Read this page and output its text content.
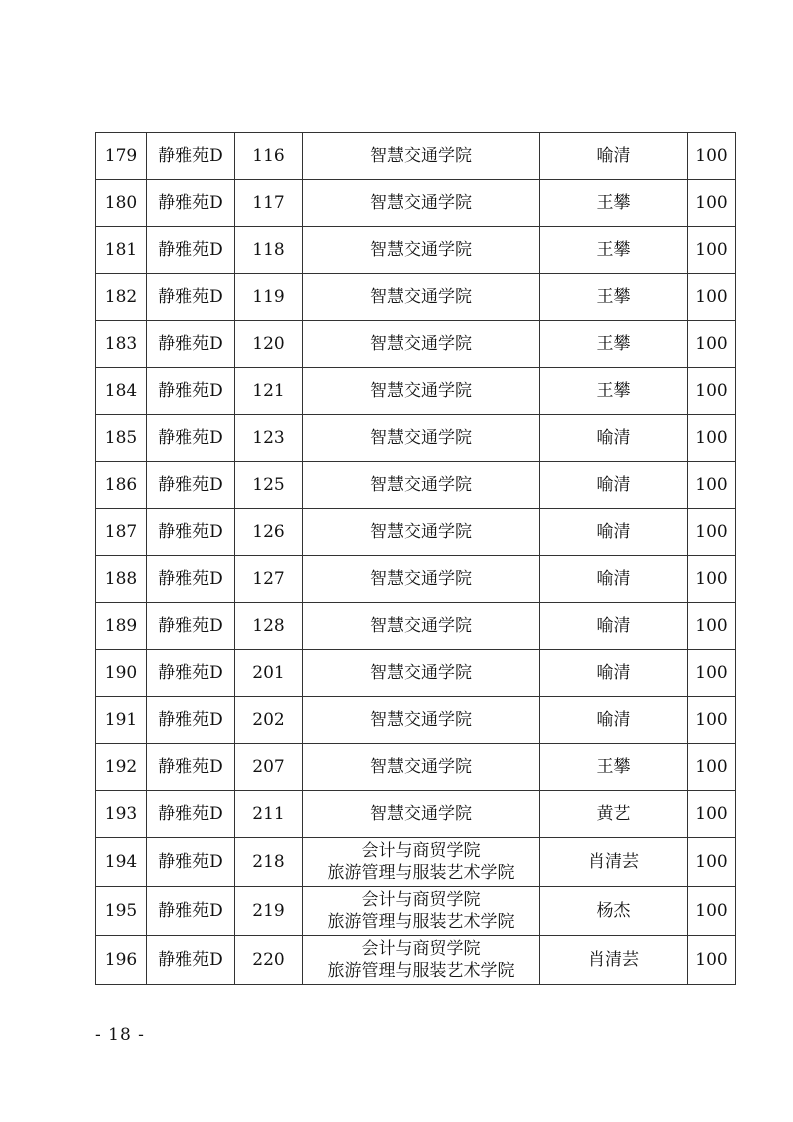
179	静雅苑D	116	智慧交通学院	喻清	100
180	静雅苑D	117	智慧交通学院	王攀	100
181	静雅苑D	118	智慧交通学院	王攀	100
182	静雅苑D	119	智慧交通学院	王攀	100
183	静雅苑D	120	智慧交通学院	王攀	100
184	静雅苑D	121	智慧交通学院	王攀	100
185	静雅苑D	123	智慧交通学院	喻清	100
186	静雅苑D	125	智慧交通学院	喻清	100
187	静雅苑D	126	智慧交通学院	喻清	100
188	静雅苑D	127	智慧交通学院	喻清	100
189	静雅苑D	128	智慧交通学院	喻清	100
190	静雅苑D	201	智慧交通学院	喻清	100
191	静雅苑D	202	智慧交通学院	喻清	100
192	静雅苑D	207	智慧交通学院	王攀	100
193	静雅苑D	211	智慧交通学院	黄艺	100
194	静雅苑D	218	会计与商贸学院
旅游管理与服装艺术学院	肖清芸	100
195	静雅苑D	219	会计与商贸学院
旅游管理与服装艺术学院	杨杰	100
196	静雅苑D	220	会计与商贸学院
旅游管理与服装艺术学院	肖清芸	100
- 18 -
